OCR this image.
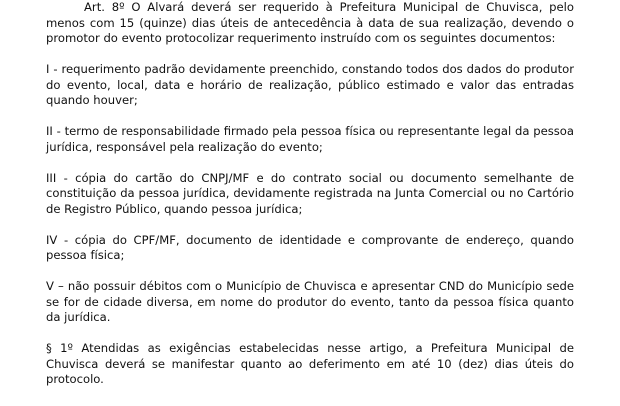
Art. 8º O Alvará deverá ser requerido à Prefeitura Municipal de Chuvisca, pelo menos com 15 (quinze) dias úteis de antecedência à data de sua realização, devendo o promotor do evento protocolizar requerimento instruído com os seguintes documentos:

I - requerimento padrão devidamente preenchido, constando todos dos dados do produtor do evento, local, data e horário de realização, público estimado e valor das entradas quando houver;

II - termo de responsabilidade firmado pela pessoa física ou representante legal da pessoa jurídica, responsável pela realização do evento;

III - cópia do cartão do CNPJ/MF e do contrato social ou documento semelhante de constituição da pessoa jurídica, devidamente registrada na Junta Comercial ou no Cartório de Registro Público, quando pessoa jurídica;

IV - cópia do CPF/MF, documento de identidade e comprovante de endereço, quando pessoa física;

V – não possuir débitos com o Município de Chuvisca e apresentar CND do Município sede se for de cidade diversa, em nome do produtor do evento, tanto da pessoa física quanto da jurídica.

§ 1º Atendidas as exigências estabelecidas nesse artigo, a Prefeitura Municipal de Chuvisca deverá se manifestar quanto ao deferimento em até 10 (dez) dias úteis do protocolo.
